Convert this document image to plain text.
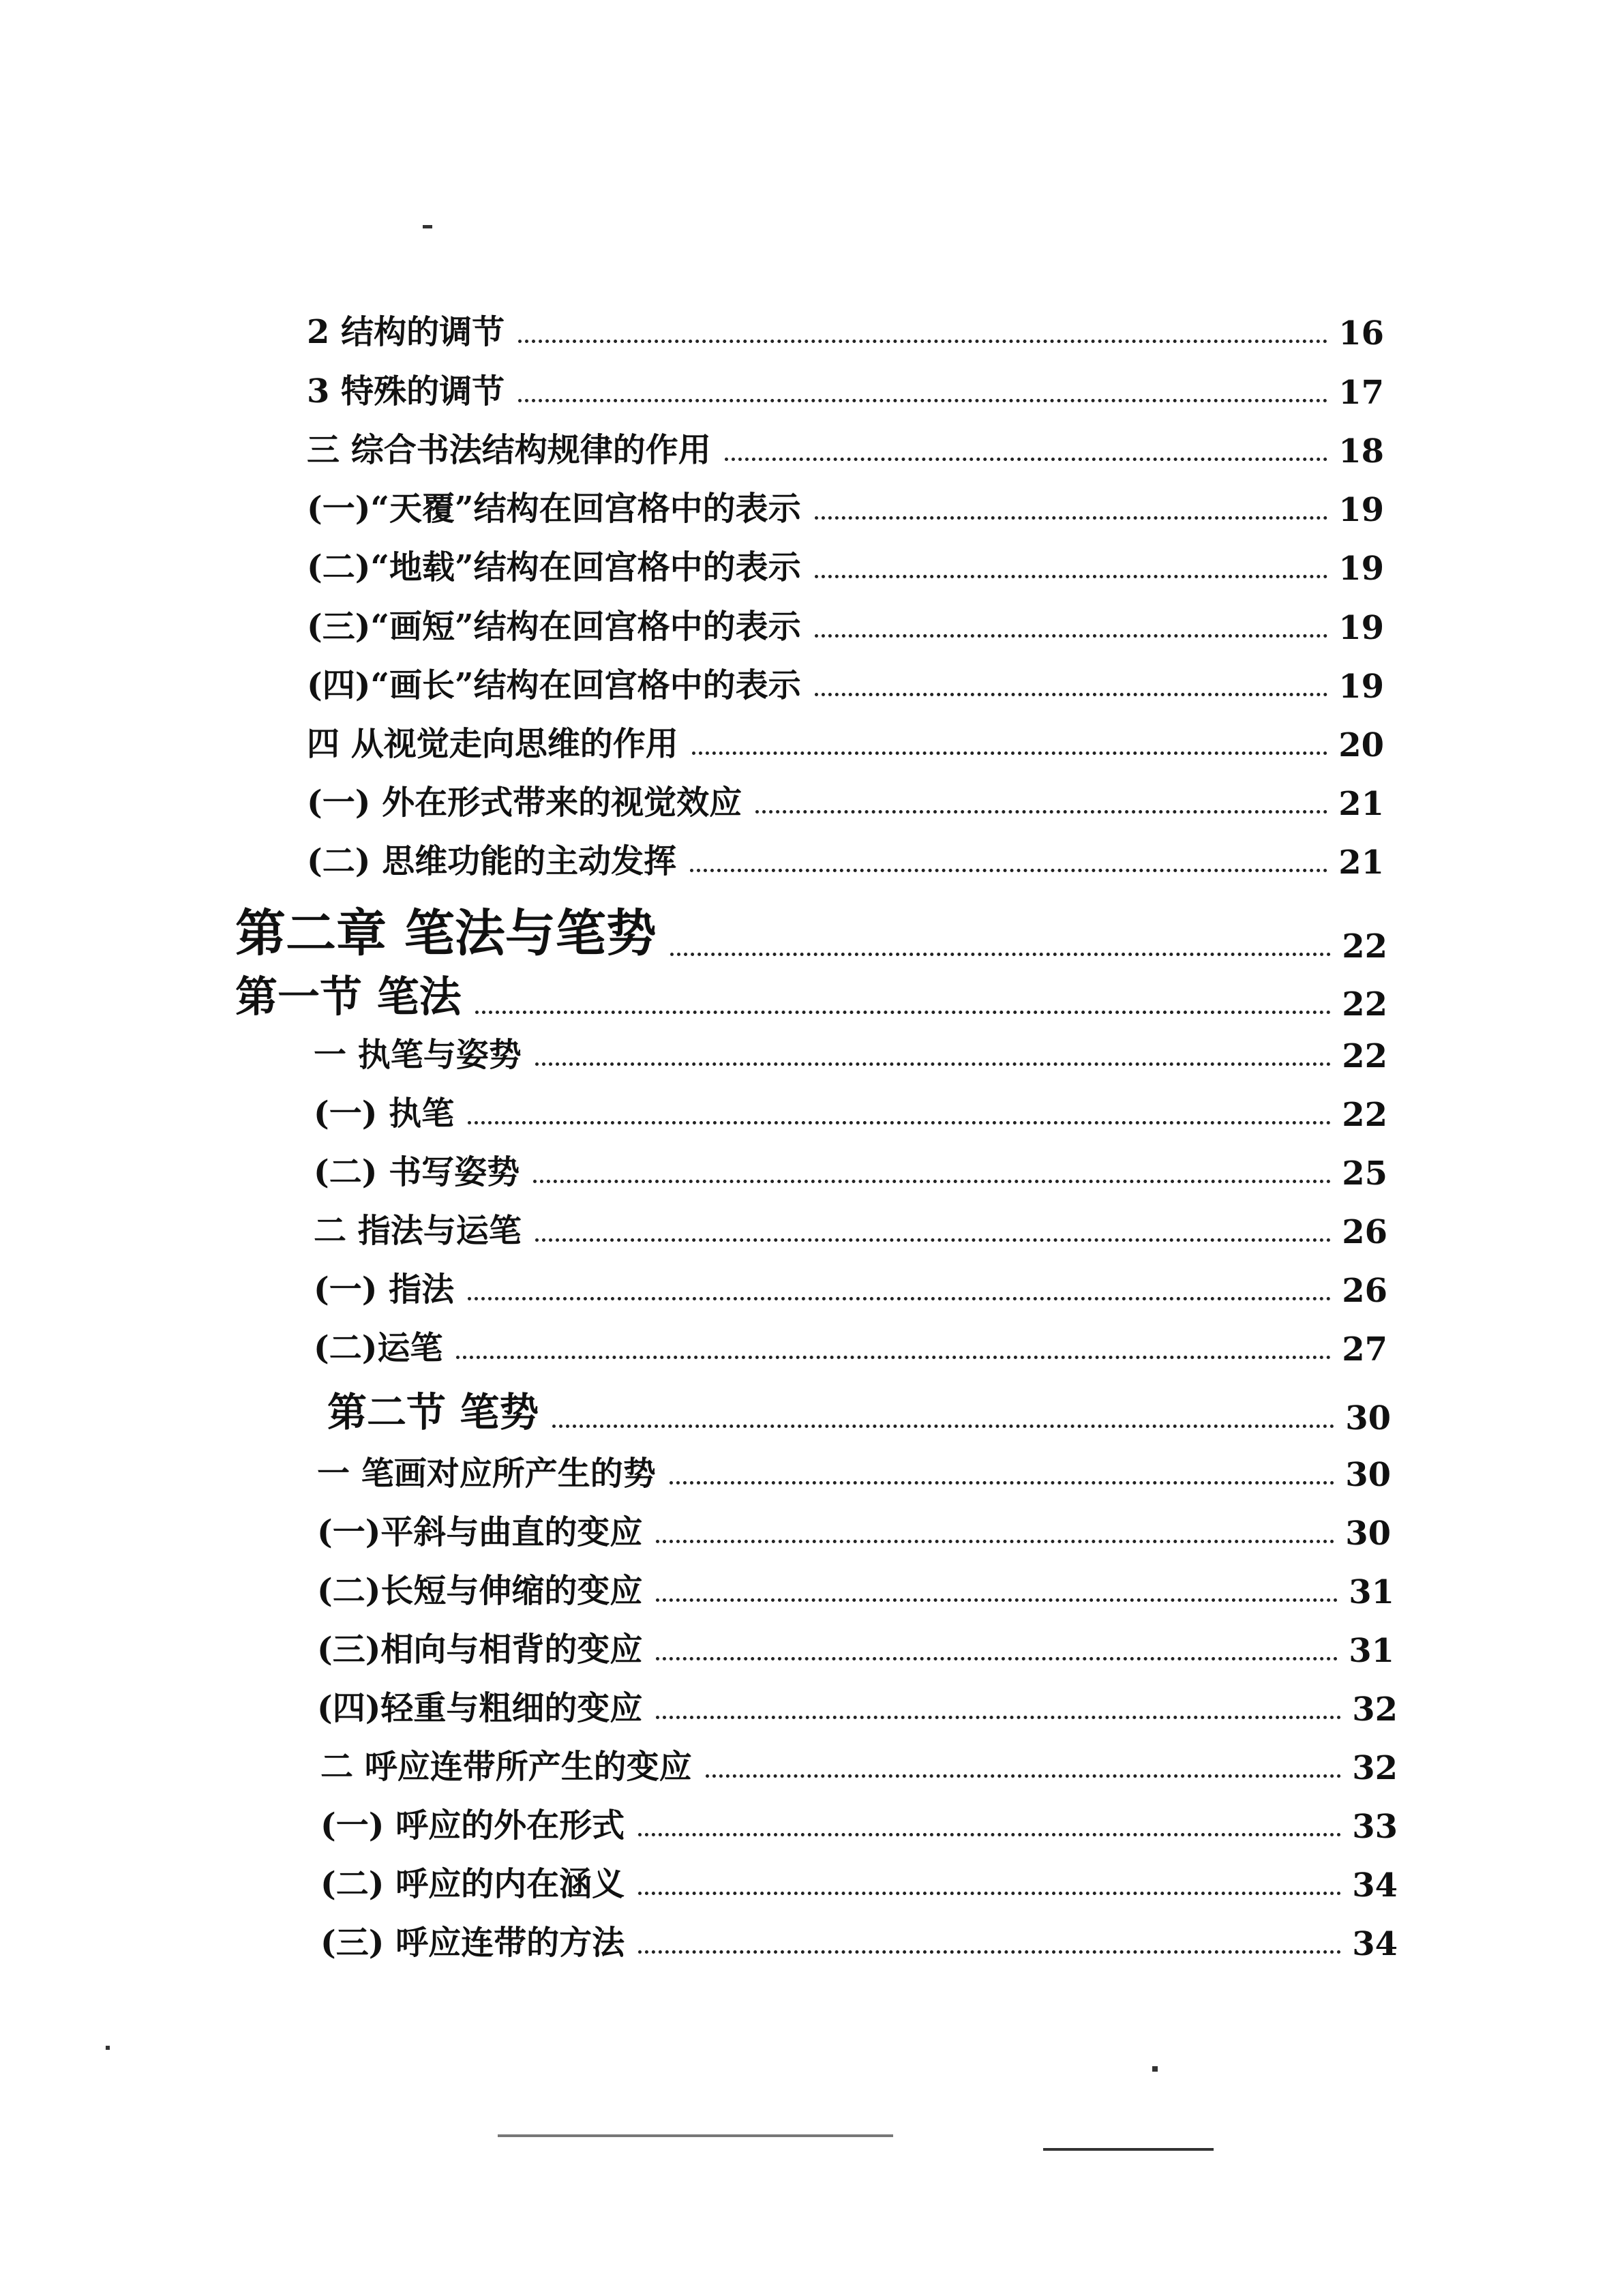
2 结构的调节	16
3 特殊的调节	17
三 综合书法结构规律的作用	18
(一)“天覆”结构在回宫格中的表示	19
(二)“地载”结构在回宫格中的表示	19
(三)“画短”结构在回宫格中的表示	19
(四)“画长”结构在回宫格中的表示	19
四 从视觉走向思维的作用	20
(一) 外在形式带来的视觉效应	21
(二) 思维功能的主动发挥	21
第二章 笔法与笔势	22
第一节 笔法	22
一 执笔与姿势	22
(一) 执笔	22
(二) 书写姿势	25
二 指法与运笔	26
(一) 指法	26
(二)运笔	27
第二节 笔势	30
一 笔画对应所产生的势	30
(一)平斜与曲直的变应	30
(二)长短与伸缩的变应	31
(三)相向与相背的变应	31
(四)轻重与粗细的变应	32
二 呼应连带所产生的变应	32
(一) 呼应的外在形式	33
(二) 呼应的内在涵义	34
(三) 呼应连带的方法	34
